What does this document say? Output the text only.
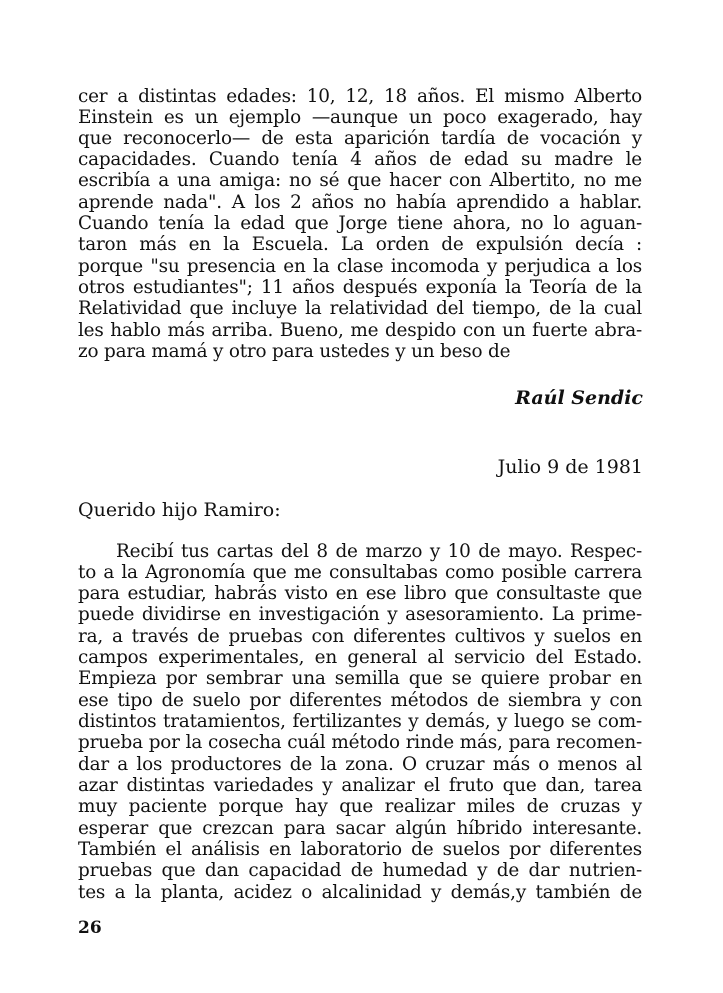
cer a distintas edades: 10, 12, 18 años. El mismo Alberto
Einstein es un ejemplo —aunque un poco exagerado, hay
que reconocerlo— de esta aparición tardía de vocación y
capacidades. Cuando tenía 4 años de edad su madre le
escribía a una amiga: no sé que hacer con Albertito, no me
aprende nada". A los 2 años no había aprendido a hablar.
Cuando tenía la edad que Jorge tiene ahora, no lo aguan-
taron más en la Escuela. La orden de expulsión decía :
porque "su presencia en la clase incomoda y perjudica a los
otros estudiantes"; 11 años después exponía la Teoría de la
Relatividad que incluye la relatividad del tiempo, de la cual
les hablo más arriba. Bueno, me despido con un fuerte abra-
zo para mamá y otro para ustedes y un beso de
Raúl Sendic
Julio 9 de 1981
Querido hijo Ramiro:
Recibí tus cartas del 8 de marzo y 10 de mayo. Respec-
to a la Agronomía que me consultabas como posible carrera
para estudiar, habrás visto en ese libro que consultaste que
puede dividirse en investigación y asesoramiento. La prime-
ra, a través de pruebas con diferentes cultivos y suelos en
campos experimentales, en general al servicio del Estado.
Empieza por sembrar una semilla que se quiere probar en
ese tipo de suelo por diferentes métodos de siembra y con
distintos tratamientos, fertilizantes y demás, y luego se com-
prueba por la cosecha cuál método rinde más, para recomen-
dar a los productores de la zona. O cruzar más o menos al
azar distintas variedades y analizar el fruto que dan, tarea
muy paciente porque hay que realizar miles de cruzas y
esperar que crezcan para sacar algún híbrido interesante.
También el análisis en laboratorio de suelos por diferentes
pruebas que dan capacidad de humedad y de dar nutrien-
tes a la planta, acidez o alcalinidad y demás,y también de
26
